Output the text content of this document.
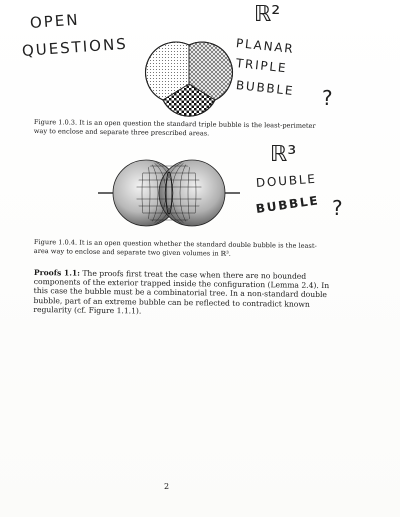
OPEN
QUESTIONS
ℝ²
PLANAR
TRIPLE
BUBBLE ?
ℝ³
DOUBLE
BUBBLE ?
Figure 1.0.3. It is an open question the standard triple bubble is the least-perimeter way to enclose and separate three prescribed areas.
Figure 1.0.4. It is an open question whether the standard double bubble is the least-area way to enclose and separate two given volumes in ℝ³.
Proofs 1.1: The proofs first treat the case when there are no bounded components of the exterior trapped inside the configuration (Lemma 2.4). In this case the bubble must be a combinatorial tree. In a non-standard double bubble, part of an extreme bubble can be reflected to contradict known regularity (cf. Figure 1.1.1).
2
